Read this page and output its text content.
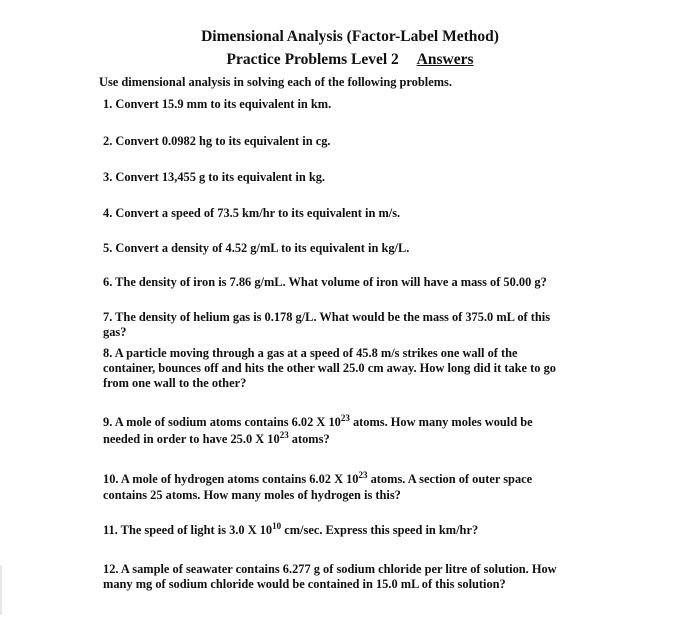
Dimensional Analysis (Factor-Label Method)
Practice Problems Level 2 Answers
Use dimensional analysis in solving each of the following problems.
1. Convert 15.9 mm to its equivalent in km.
2. Convert 0.0982 hg to its equivalent in cg.
3. Convert 13,455 g to its equivalent in kg.
4. Convert a speed of 73.5 km/hr to its equivalent in m/s.
5. Convert a density of 4.52 g/mL to its equivalent in kg/L.
6. The density of iron is 7.86 g/mL. What volume of iron will have a mass of 50.00 g?
7. The density of helium gas is 0.178 g/L. What would be the mass of 375.0 mL of this
gas?
8. A particle moving through a gas at a speed of 45.8 m/s strikes one wall of the
container, bounces off and hits the other wall 25.0 cm away. How long did it take to go
from one wall to the other?
9. A mole of sodium atoms contains 6.02 X $10^{23}$ atoms. How many moles would be
needed in order to have 25.0 X $10^{23}$ atoms?
10. A mole of hydrogen atoms contains 6.02 X $10^{23}$ atoms. A section of outer space
contains 25 atoms. How many moles of hydrogen is this?
11. The speed of light is 3.0 X $10^{10}$ cm/sec. Express this speed in km/hr?
12. A sample of seawater contains 6.277 g of sodium chloride per litre of solution. How
many mg of sodium chloride would be contained in 15.0 mL of this solution?
